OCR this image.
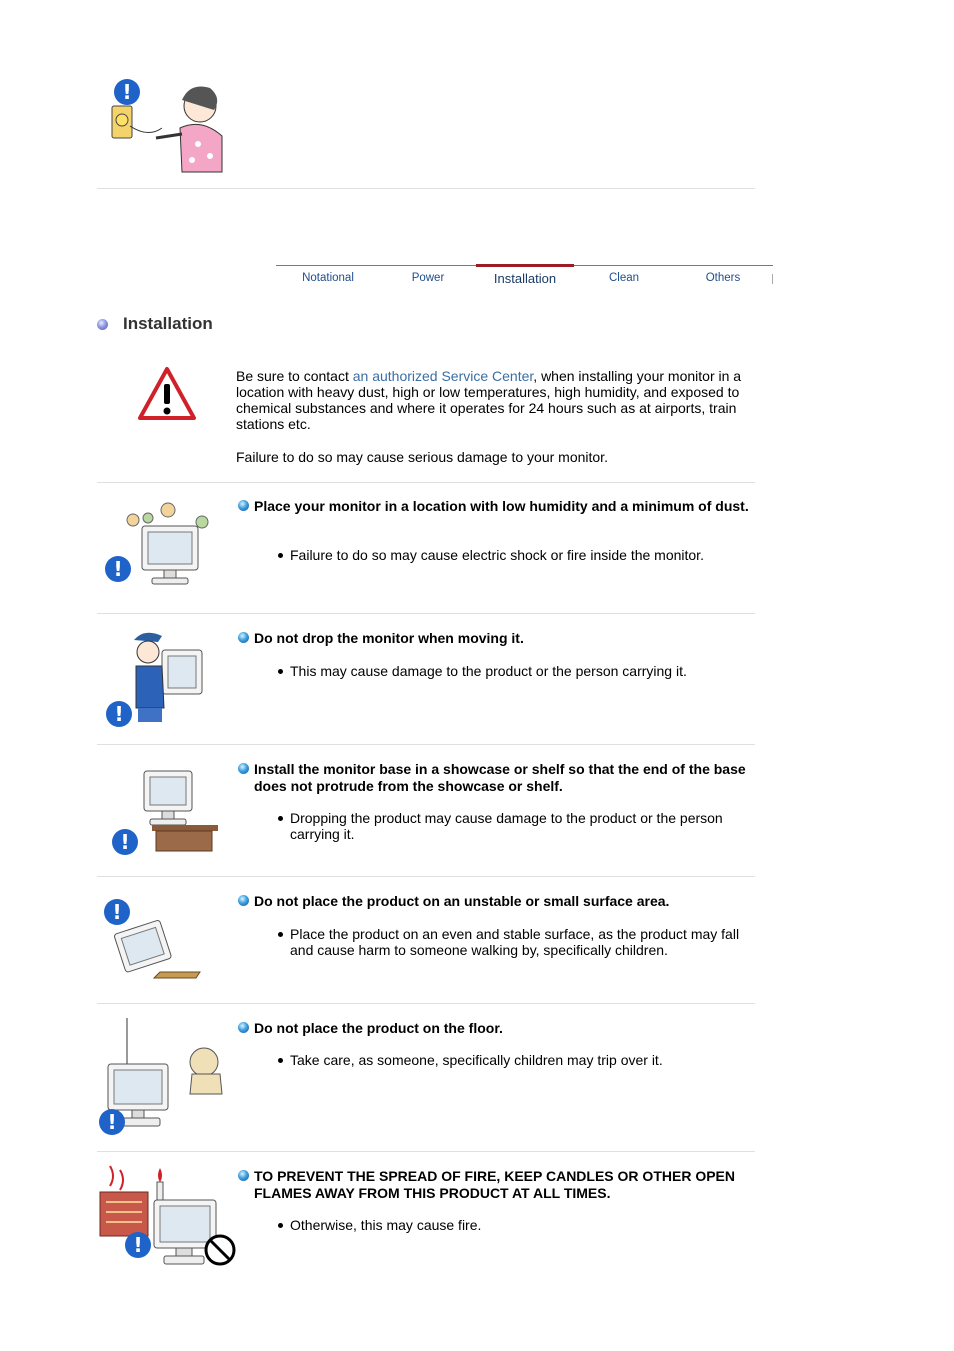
!
Notational	Power	Installation	Clean	Others
Installation

Be sure to contact an authorized Service Center, when installing your monitor in a location with heavy dust, high or low temperatures, high humidity, and exposed to chemical substances and where it operates for 24 hours such as at airports, train stations etc.

Failure to do so may cause serious damage to your monitor.

!
Place your monitor in a location with low humidity and a minimum of dust.
Failure to do so may cause electric shock or fire inside the monitor.
!
Do not drop the monitor when moving it.
This may cause damage to the product or the person carrying it.
!
Install the monitor base in a showcase or shelf so that the end of the base does not protrude from the showcase or shelf.
Dropping the product may cause damage to the product or the person carrying it.
!	Do not place the product on an unstable or small surface area.
Place the product on an even and stable surface, as the product may fall and cause harm to someone walking by, specifically children.
!
Do not place the product on the floor.
Take care, as someone, specifically children may trip over it.
!
TO PREVENT THE SPREAD OF FIRE, KEEP CANDLES OR OTHER OPEN FLAMES AWAY FROM THIS PRODUCT AT ALL TIMES.
Otherwise, this may cause fire.
